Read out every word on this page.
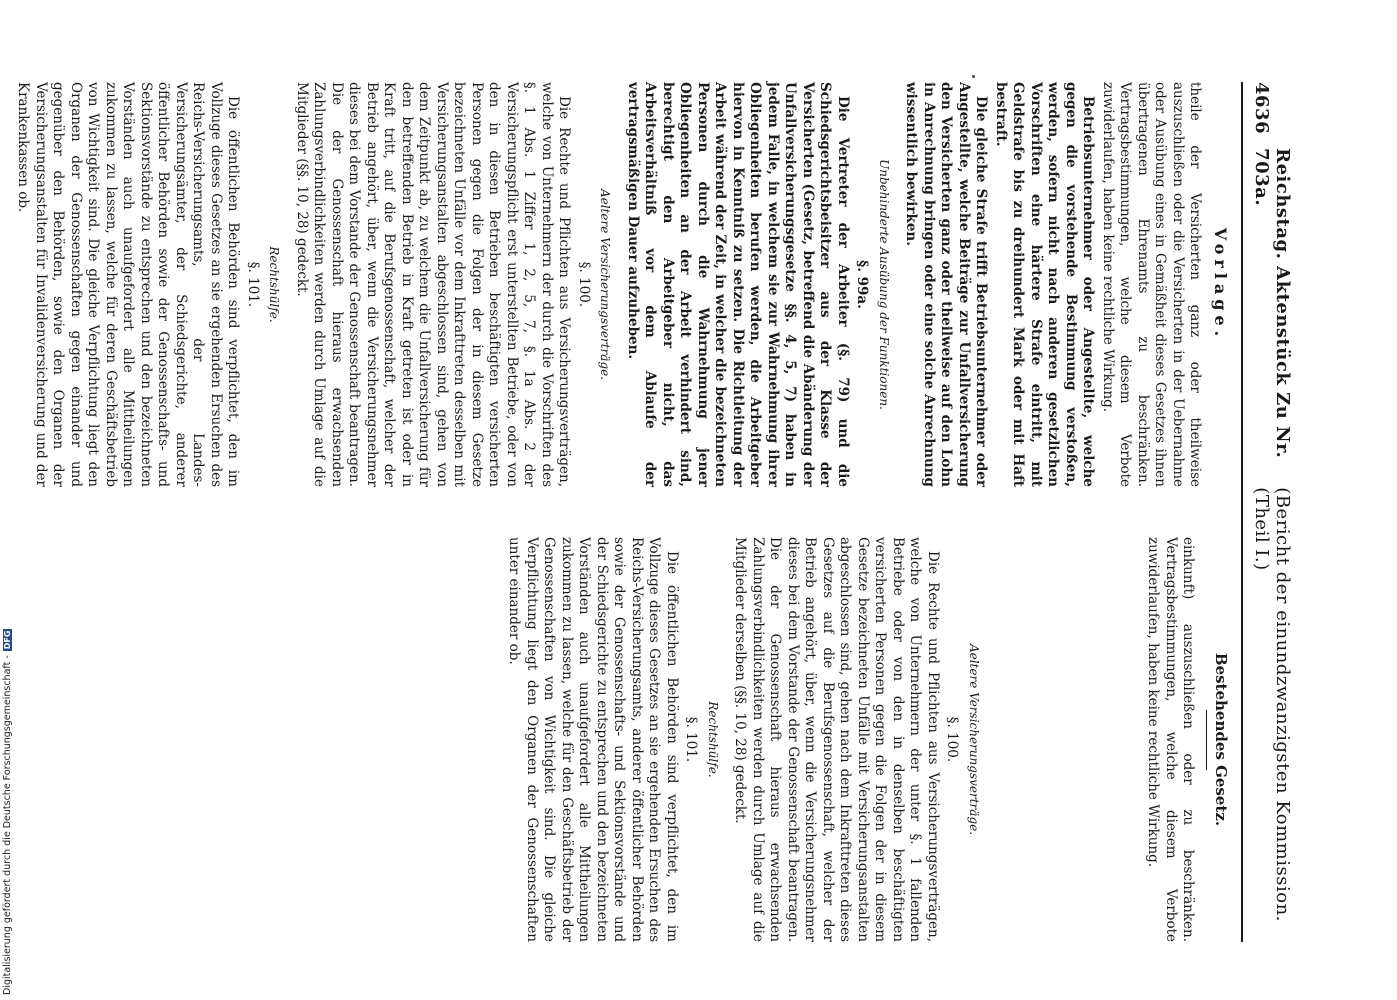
4636
Reichstag. Aktenstück Zu Nr. 703a.
(Bericht der einundzwanzigsten Kommission. (Theil I.)
Vorlage.

theile der Versicherten ganz oder theilweise auszuschließen oder die Versicherten in der Uebernahme oder Ausübung eines in Gemäßheit dieses Gesetzes ihnen übertragenen Ehrenamts zu beschränken. Vertragsbestimmungen, welche diesem Verbote zuwiderlaufen, haben keine rechtliche Wirkung.

Betriebsunternehmer oder Angestellte, welche gegen die vorstehende Bestimmung verstoßen, werden, sofern nicht nach anderen gesetzlichen Vorschriften eine härtere Strafe eintritt, mit Geldstrafe bis zu dreihundert Mark oder mit Haft bestraft.

Die gleiche Strafe trifft Betriebsunternehmer oder Angestellte, welche Beiträge zur Unfallversicherung den Versicherten ganz oder theilweise auf den Lohn in Anrechnung bringen oder eine solche Anrechnung wissentlich bewirken.

Unbehinderte Ausübung der Funktionen.
§. 99a.

Die Vertreter der Arbeiter (§. 79) und die Schiedsgerichtsbeisitzer aus der Klasse der Versicherten (Gesetz, betreffend die Abänderung der Unfallversicherungsgesetze §§. 4, 5, 7) haben in jedem Falle, in welchem sie zur Wahrnehmung ihrer Obliegenheiten berufen werden, die Arbeitgeber hiervon in Kenntniß zu setzen. Die Richtleitung der Arbeit während der Zeit, in welcher die bezeichneten Personen durch die Wahrnehmung jener Obliegenheiten an der Arbeit verhindert sind, berechtigt den Arbeitgeber nicht, das Arbeitsverhältniß vor dem Ablaufe der vertragsmäßigen Dauer aufzuheben.

Aeltere Versicherungsverträge.
§. 100.

Die Rechte und Pflichten aus Versicherungsverträgen, welche von Unternehmern der durch die Vorschriften des §. 1 Abs. 1 Ziffer 1, 2, 5, 7, §. 1a Abs. 2 der Versicherungspflicht erst unterstellten Betriebe, oder von den in diesen Betrieben beschäftigten versicherten Personen gegen die Folgen der in diesem Gesetze bezeichneten Unfälle vor dem Inkrafttreten desselben mit Versicherungsanstalten abgeschlossen sind, gehen von dem Zeitpunkt ab, zu welchem die Unfallversicherung für den betreffenden Betrieb in Kraft getreten ist oder in Kraft tritt, auf die Berufsgenossenschaft, welcher der Betrieb angehört, über, wenn die Versicherungsnehmer dieses bei dem Vorstande der Genossenschaft beantragen. Die der Genossenschaft hieraus erwachsenden Zahlungsverbindlichkeiten werden durch Umlage auf die Mitglieder (§§. 10, 28) gedeckt.

Rechtshülfe.
§. 101.

Die öffentlichen Behörden sind verpflichtet, den im Vollzuge dieses Gesetzes an sie ergehenden Ersuchen des Reichs-Versicherungsamts, der Landes-Versicherungsämter, der Schiedsgerichte, anderer öffentlicher Behörden sowie der Genossenschafts- und Sektionsvorstände zu entsprechen und den bezeichneten Vorständen auch unaufgefordert alle Mittheilungen zukommen zu lassen, welche für deren Geschäftsbetrieb von Wichtigkeit sind. Die gleiche Verpflichtung liegt den Organen der Genossenschaften gegen einander und gegenüber den Behörden, sowie den Organen der Versicherungsanstalten für Invalidenversicherung und der Krankenkassen ob.

Bestehendes Gesetz.

einkunft) auszuschließen oder zu beschränken. Vertragsbestimmungen, welche diesem Verbote zuwiderlaufen, haben keine rechtliche Wirkung.

Aeltere Versicherungsverträge.
§. 100.

Die Rechte und Pflichten aus Versicherungsverträgen, welche von Unternehmern der unter §. 1 fallenden Betriebe oder von den in denselben beschäftigten versicherten Personen gegen die Folgen der in diesem Gesetze bezeichneten Unfälle mit Versicherungsanstalten abgeschlossen sind, gehen nach dem Inkrafttreten dieses Gesetzes auf die Berufsgenossenschaft, welcher der Betrieb angehört, über, wenn die Versicherungsnehmer dieses bei dem Vorstande der Genossenschaft beantragen. Die der Genossenschaft hieraus erwachsenden Zahlungsverbindlichkeiten werden durch Umlage auf die Mitglieder derselben (§§. 10, 28) gedeckt.

Rechtshülfe.
§. 101.

Die öffentlichen Behörden sind verpflichtet, den im Vollzuge dieses Gesetzes an sie ergehenden Ersuchen des Reichs-Versicherungsamts, anderer öffentlicher Behörden sowie der Genossenschafts- und Sektionsvorstände und der Schiedsgerichte zu entsprechen und den bezeichneten Vorständen auch unaufgefordert alle Mittheilungen zukommen zu lassen, welche für den Geschäftsbetrieb der Genossenschaften von Wichtigkeit sind. Die gleiche Verpflichtung liegt den Organen der Genossenschaften unter einander ob.

Digitalisierung gefördert durch die Deutsche Forschungsgemeinschaft -
DFG
